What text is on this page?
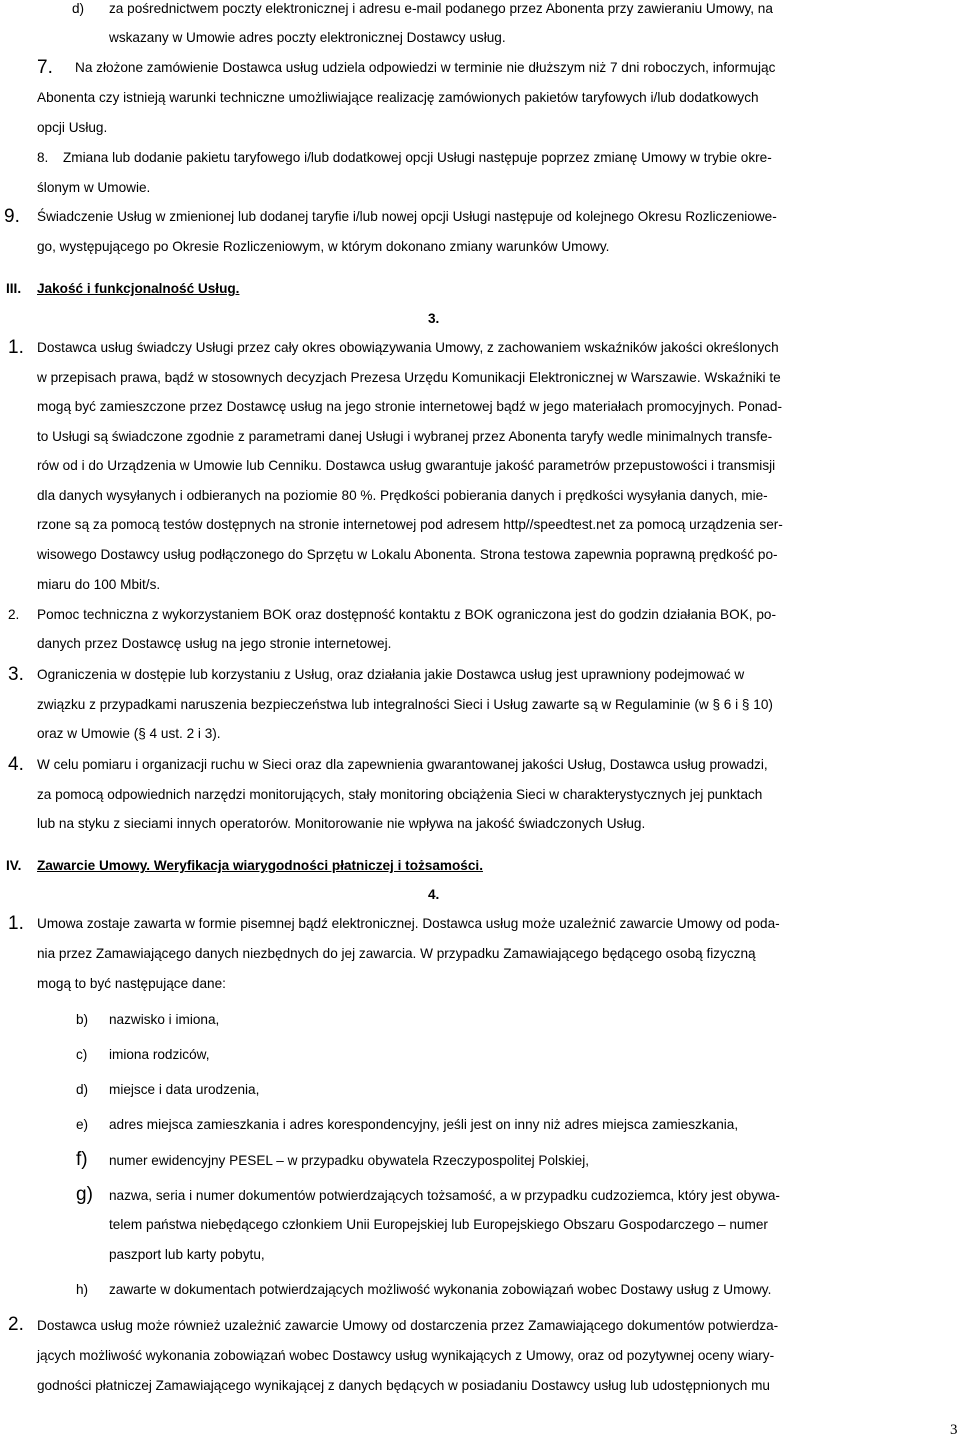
d) za pośrednictwem poczty elektronicznej i adresu e-mail podanego przez Abonenta przy zawieraniu Umowy, na
wskazany w Umowie adres poczty elektronicznej Dostawcy usług.
7. Na złożone zamówienie Dostawca usług udziela odpowiedzi w terminie nie dłuższym niż 7 dni roboczych, informując
Abonenta czy istnieją warunki techniczne umożliwiające realizację zamówionych pakietów taryfowych i/lub dodatkowych
opcji Usług.
8. Zmiana lub dodanie pakietu taryfowego i/lub dodatkowej opcji Usługi następuje poprzez zmianę Umowy w trybie okre-
ślonym w Umowie.
9. Świadczenie Usług w zmienionej lub dodanej taryfie i/lub nowej opcji Usługi następuje od kolejnego Okresu Rozliczeniowe-
go, występującego po Okresie Rozliczeniowym, w którym dokonano zmiany warunków Umowy.
III. Jakość i funkcjonalność Usług.
3.
1. Dostawca usług świadczy Usługi przez cały okres obowiązywania Umowy, z zachowaniem wskaźników jakości określonych
w przepisach prawa, bądź w stosownych decyzjach Prezesa Urzędu Komunikacji Elektronicznej w Warszawie. Wskaźniki te
mogą być zamieszczone przez Dostawcę usług na jego stronie internetowej bądź w jego materiałach promocyjnych. Ponad-
to Usługi są świadczone zgodnie z parametrami danej Usługi i wybranej przez Abonenta taryfy wedle minimalnych transfe-
rów od i do Urządzenia w Umowie lub Cenniku. Dostawca usług gwarantuje jakość parametrów przepustowości i transmisji
dla danych wysyłanych i odbieranych na poziomie 80 %. Prędkości pobierania danych i prędkości wysyłania danych, mie-
rzone są za pomocą testów dostępnych na stronie internetowej pod adresem http//speedtest.net za pomocą urządzenia ser-
wisowego Dostawcy usług podłączonego do Sprzętu w Lokalu Abonenta. Strona testowa zapewnia poprawną prędkość po-
miaru do 100 Mbit/s.
2. Pomoc techniczna z wykorzystaniem BOK oraz dostępność kontaktu z BOK ograniczona jest do godzin działania BOK, po-
danych przez Dostawcę usług na jego stronie internetowej.
3. Ograniczenia w dostępie lub korzystaniu z Usług, oraz działania jakie Dostawca usług jest uprawniony podejmować w
związku z przypadkami naruszenia bezpieczeństwa lub integralności Sieci i Usług zawarte są w Regulaminie (w § 6 i § 10)
oraz w Umowie (§ 4 ust. 2 i 3).
4. W celu pomiaru i organizacji ruchu w Sieci oraz dla zapewnienia gwarantowanej jakości Usług, Dostawca usług prowadzi,
za pomocą odpowiednich narzędzi monitorujących, stały monitoring obciążenia Sieci w charakterystycznych jej punktach
lub na styku z sieciami innych operatorów. Monitorowanie nie wpływa na jakość świadczonych Usług.
IV. Zawarcie Umowy. Weryfikacja wiarygodności płatniczej i tożsamości.
4.
1. Umowa zostaje zawarta w formie pisemnej bądź elektronicznej. Dostawca usług może uzależnić zawarcie Umowy od poda-
nia przez Zamawiającego danych niezbędnych do jej zawarcia. W przypadku Zamawiającego będącego osobą fizyczną
mogą to być następujące dane:
b) nazwisko i imiona,
c) imiona rodziców,
d) miejsce i data urodzenia,
e) adres miejsca zamieszkania i adres korespondencyjny, jeśli jest on inny niż adres miejsca zamieszkania,
f) numer ewidencyjny PESEL – w przypadku obywatela Rzeczypospolitej Polskiej,
g) nazwa, seria i numer dokumentów potwierdzających tożsamość, a w przypadku cudzoziemca, który jest obywa-
telem państwa niebędącego członkiem Unii Europejskiej lub Europejskiego Obszaru Gospodarczego – numer
paszport lub karty pobytu,
h) zawarte w dokumentach potwierdzających możliwość wykonania zobowiązań wobec Dostawy usług z Umowy.
2. Dostawca usług może również uzależnić zawarcie Umowy od dostarczenia przez Zamawiającego dokumentów potwierdza-
jących możliwość wykonania zobowiązań wobec Dostawcy usług wynikających z Umowy, oraz od pozytywnej oceny wiary-
godności płatniczej Zamawiającego wynikającej z danych będących w posiadaniu Dostawcy usług lub udostępnionych mu
3
